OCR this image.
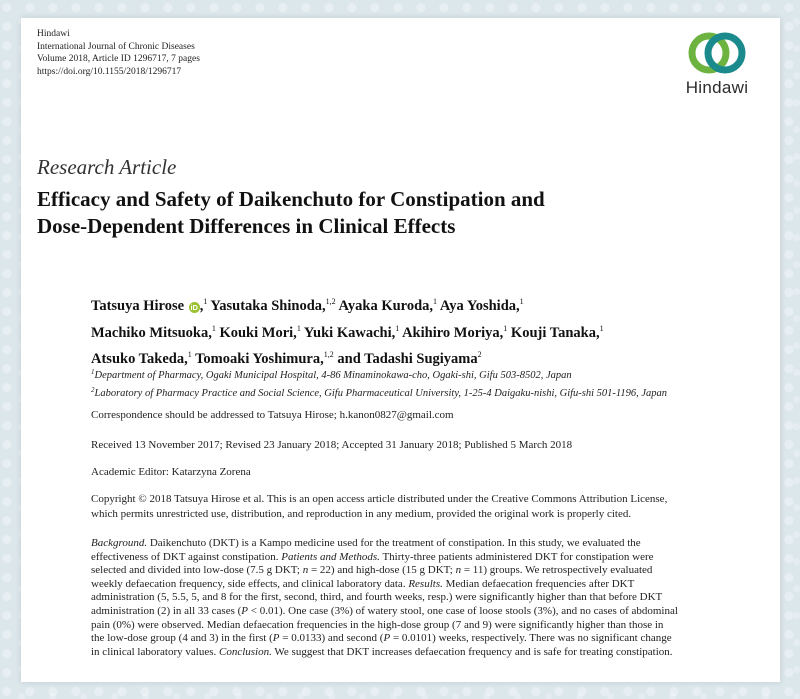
Hindawi
International Journal of Chronic Diseases
Volume 2018, Article ID 1296717, 7 pages
https://doi.org/10.1155/2018/1296717
Hindawi
Research Article
Efficacy and Safety of Daikenchuto for Constipation and
Dose-Dependent Differences in Clinical Effects
Tatsuya Hirose iD ,$^1$ Yasutaka Shinoda,$^{1,2}$ Ayaka Kuroda,$^1$ Aya Yoshida,$^1$
Machiko Mitsuoka,$^1$ Kouki Mori,$^1$ Yuki Kawachi,$^1$ Akihiro Moriya,$^1$ Kouji Tanaka,$^1$
Atsuko Takeda,$^1$ Tomoaki Yoshimura,$^{1,2}$ and Tadashi Sugiyama$^2$
$^1$Department of Pharmacy, Ogaki Municipal Hospital, 4-86 Minaminokawa-cho, Ogaki-shi, Gifu 503-8502, Japan
$^2$Laboratory of Pharmacy Practice and Social Science, Gifu Pharmaceutical University, 1-25-4 Daigaku-nishi, Gifu-shi 501-1196, Japan
Correspondence should be addressed to Tatsuya Hirose; h.kanon0827@gmail.com
Received 13 November 2017; Revised 23 January 2018; Accepted 31 January 2018; Published 5 March 2018
Academic Editor: Katarzyna Zorena
Copyright © 2018 Tatsuya Hirose et al. This is an open access article distributed under the Creative Commons Attribution License,
which permits unrestricted use, distribution, and reproduction in any medium, provided the original work is properly cited.
Background. Daikenchuto (DKT) is a Kampo medicine used for the treatment of constipation. In this study, we evaluated the
effectiveness of DKT against constipation. Patients and Methods. Thirty-three patients administered DKT for constipation were
selected and divided into low-dose (7.5 g DKT; n = 22) and high-dose (15 g DKT; n = 11) groups. We retrospectively evaluated
weekly defaecation frequency, side effects, and clinical laboratory data. Results. Median defaecation frequencies after DKT
administration (5, 5.5, 5, and 8 for the first, second, third, and fourth weeks, resp.) were significantly higher than that before DKT
administration (2) in all 33 cases (P < 0.01). One case (3%) of watery stool, one case of loose stools (3%), and no cases of abdominal
pain (0%) were observed. Median defaecation frequencies in the high-dose group (7 and 9) were significantly higher than those in
the low-dose group (4 and 3) in the first (P = 0.0133) and second (P = 0.0101) weeks, respectively. There was no significant change
in clinical laboratory values. Conclusion. We suggest that DKT increases defaecation frequency and is safe for treating constipation.
